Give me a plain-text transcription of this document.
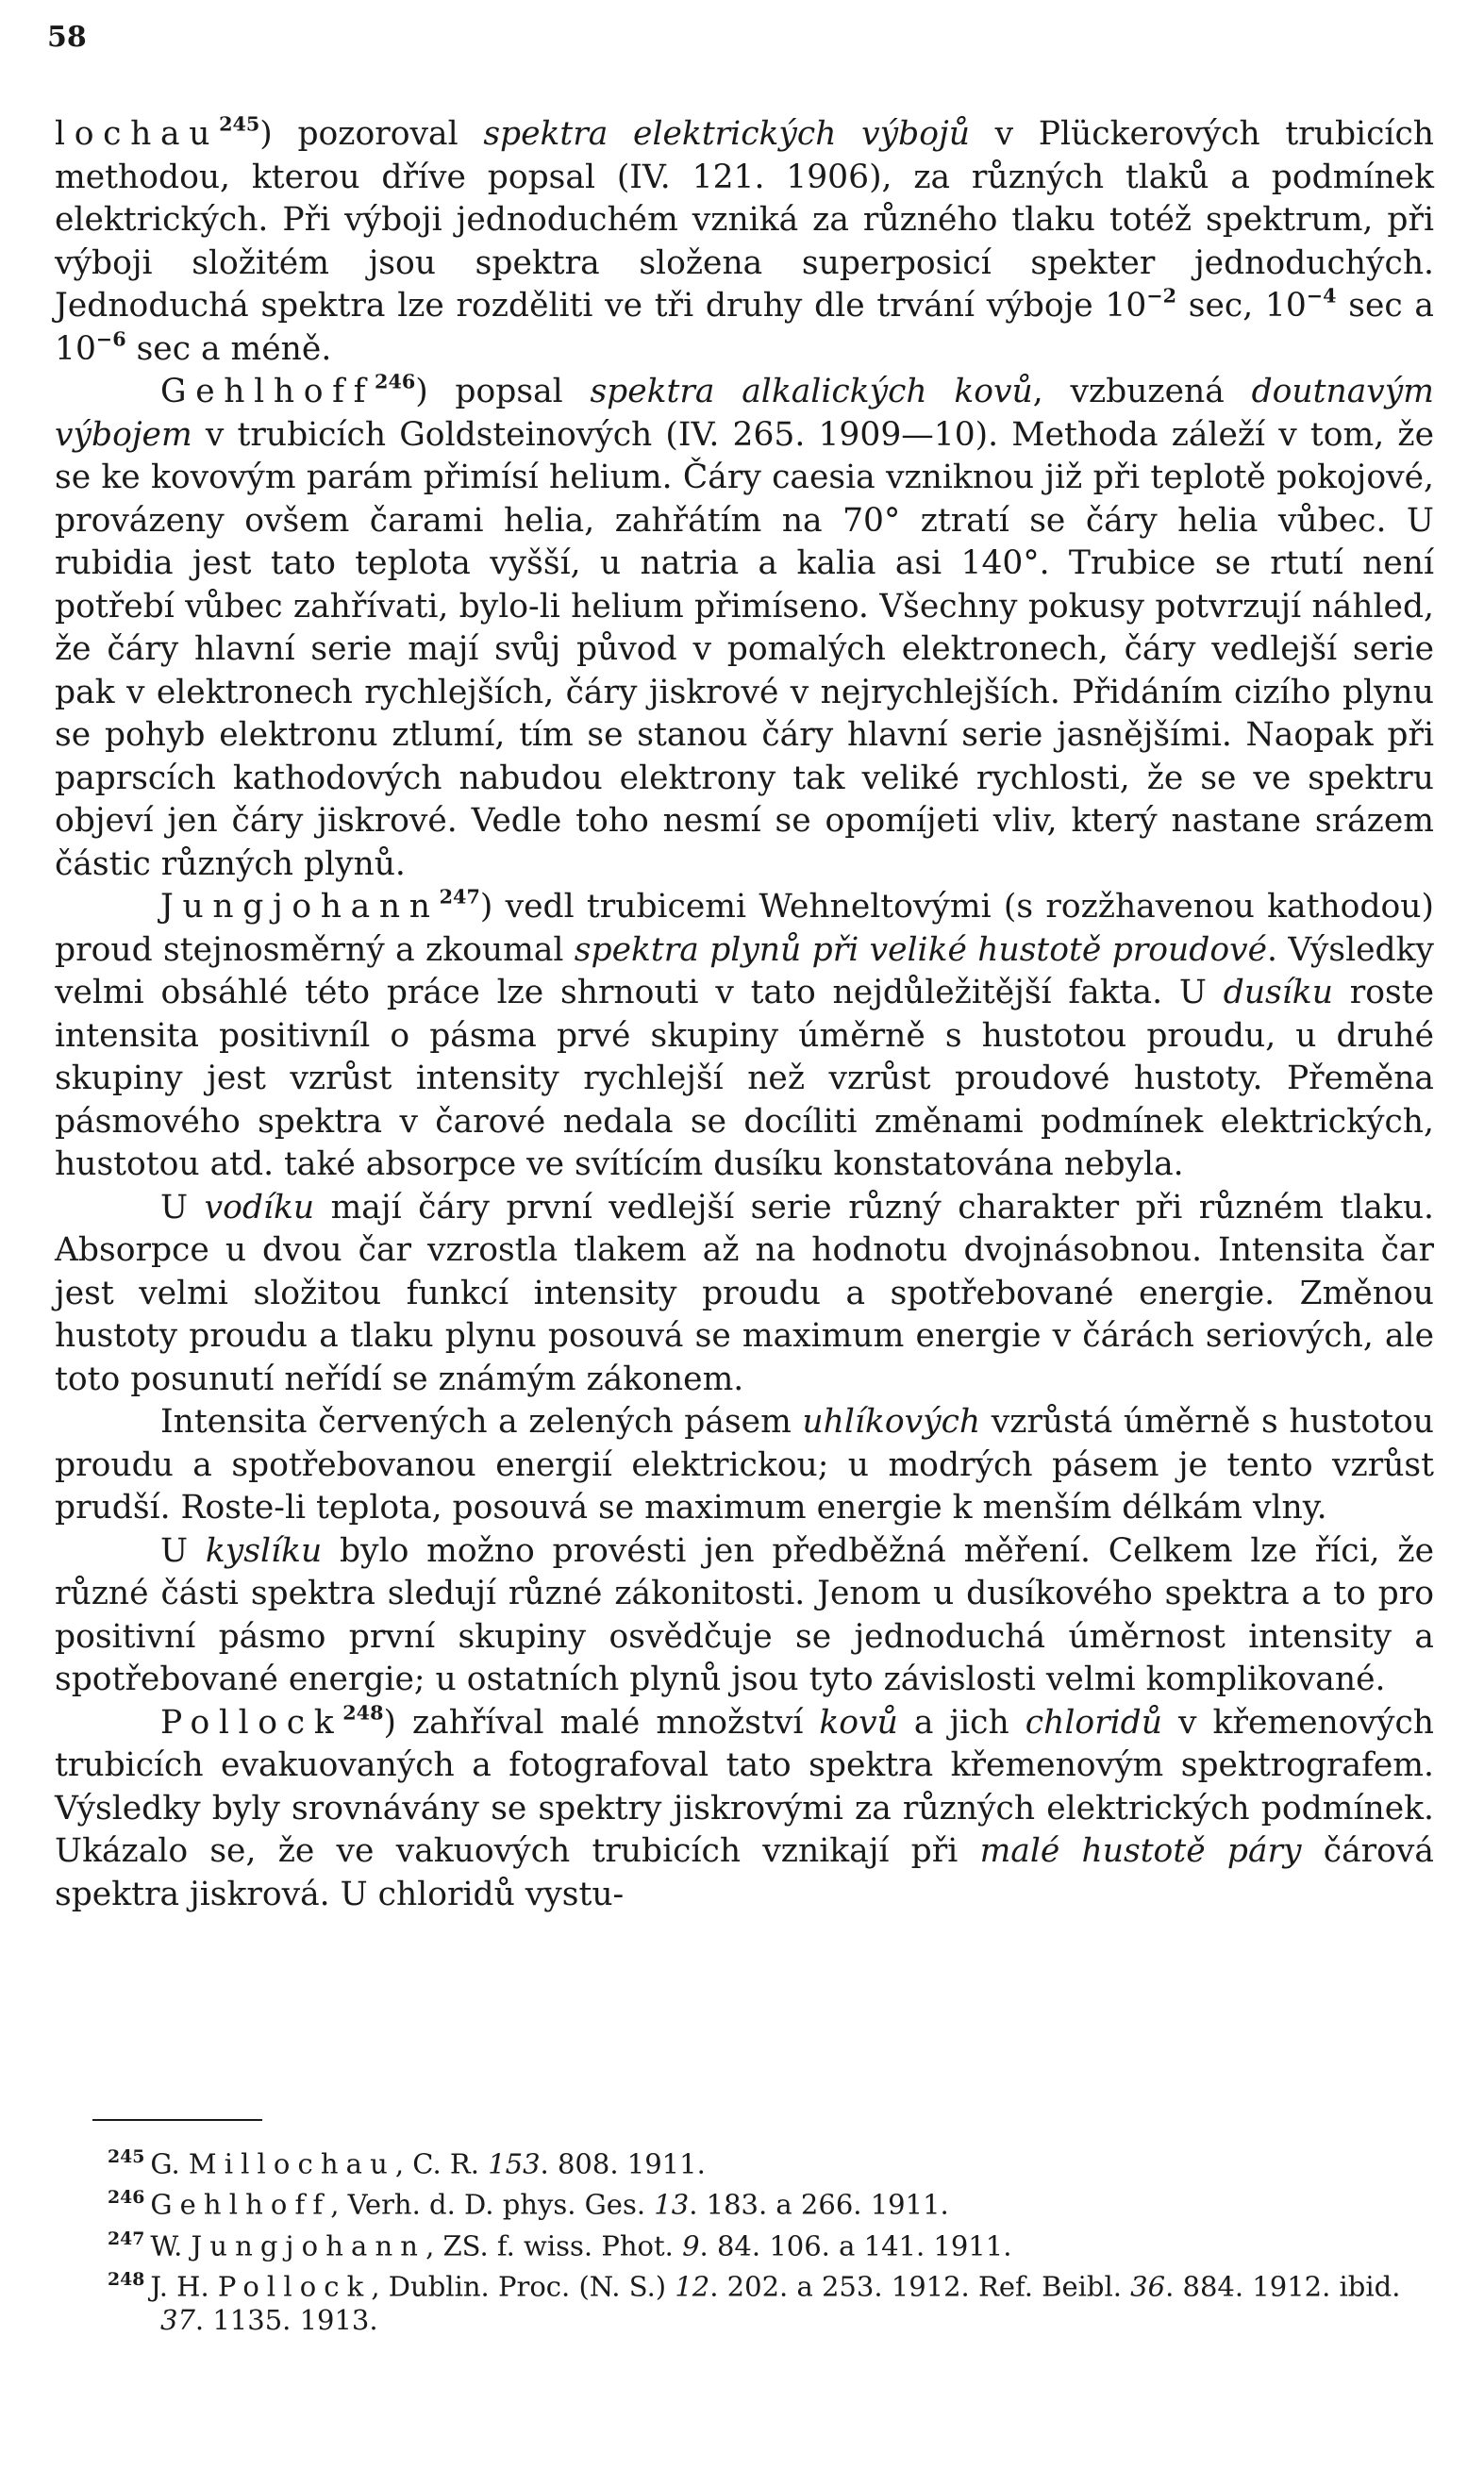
58

lochau$^{245}$) pozoroval spektra elektrických výbojů v Plückerových trubicích methodou, kterou dříve popsal (IV. 121. 1906), za různých tlaků a podmínek elektrických. Při výboji jednoduchém vzniká za různého tlaku totéž spektrum, při výboji složitém jsou spektra složena superposicí spekter jednoduchých. Jednoduchá spektra lze rozděliti ve tři druhy dle trvání výboje $10^{-2}$ sec, $10^{-4}$ sec a $10^{-6}$ sec a méně.

Gehlhoff$^{246}$) popsal spektra alkalických kovů, vzbuzená doutnavým výbojem v trubicích Goldsteinových (IV. 265. 1909—10). Methoda záleží v tom, že se ke kovovým parám přimísí helium. Čáry caesia vzniknou již při teplotě pokojové, provázeny ovšem čarami helia, zahřátím na 70° ztratí se čáry helia vůbec. U rubidia jest tato teplota vyšší, u natria a kalia asi 140°. Trubice se rtutí není potřebí vůbec zahřívati, bylo-li helium přimíseno. Všechny pokusy potvrzují náhled, že čáry hlavní serie mají svůj původ v pomalých elektronech, čáry vedlejší serie pak v elektronech rychlejších, čáry jiskrové v nejrychlejších. Přidáním cizího plynu se pohyb elektronu ztlumí, tím se stanou čáry hlavní serie jasnějšími. Naopak při paprscích kathodových nabudou elektrony tak veliké rychlosti, že se ve spektru objeví jen čáry jiskrové. Vedle toho nesmí se opomíjeti vliv, který nastane srázem částic různých plynů.

Jungjohann$^{247}$) vedl trubicemi Wehneltovými (s rozžhavenou kathodou) proud stejnosměrný a zkoumal spektra plynů při veliké hustotě proudové. Výsledky velmi obsáhlé této práce lze shrnouti v tato nejdůležitější fakta. U dusíku roste intensita positivníl o pásma prvé skupiny úměrně s hustotou proudu, u druhé skupiny jest vzrůst intensity rychlejší než vzrůst proudové hustoty. Přeměna pásmového spektra v čarové nedala se docíliti změnami podmínek elektrických, hustotou atd. také absorpce ve svítícím dusíku konstatována nebyla.

U vodíku mají čáry první vedlejší serie různý charakter při různém tlaku. Absorpce u dvou čar vzrostla tlakem až na hodnotu dvojnásobnou. Intensita čar jest velmi složitou funkcí intensity proudu a spotřebované energie. Změnou hustoty proudu a tlaku plynu posouvá se maximum energie v čárách seriových, ale toto posunutí neřídí se známým zákonem.

Intensita červených a zelených pásem uhlíkových vzrůstá úměrně s hustotou proudu a spotřebovanou energií elektrickou; u modrých pásem je tento vzrůst prudší. Roste-li teplota, posouvá se maximum energie k menším délkám vlny.

U kyslíku bylo možno provésti jen předběžná měření. Celkem lze říci, že různé části spektra sledují různé zákonitosti. Jenom u dusíkového spektra a to pro positivní pásmo první skupiny osvědčuje se jednoduchá úměrnost intensity a spotřebované energie; u ostatních plynů jsou tyto závislosti velmi komplikované.

Pollock$^{248}$) zahříval malé množství kovů a jich chloridů v křemenových trubicích evakuovaných a fotografoval tato spektra křemenovým spektrografem. Výsledky byly srovnávány se spektry jiskrovými za různých elektrických podmínek. Ukázalo se, že ve vakuových trubicích vznikají při malé hustotě páry čárová spektra jiskrová. U chloridů vystu-

$^{245}$ G. Millochau, C. R. 153. 808. 1911.

$^{246}$ Gehlhoff, Verh. d. D. phys. Ges. 13. 183. a 266. 1911.

$^{247}$ W. Jungjohann, ZS. f. wiss. Phot. 9. 84. 106. a 141. 1911.

$^{248}$ J. H. Pollock, Dublin. Proc. (N. S.) 12. 202. a 253. 1912. Ref. Beibl. 36. 884. 1912. ibid. 37. 1135. 1913.
